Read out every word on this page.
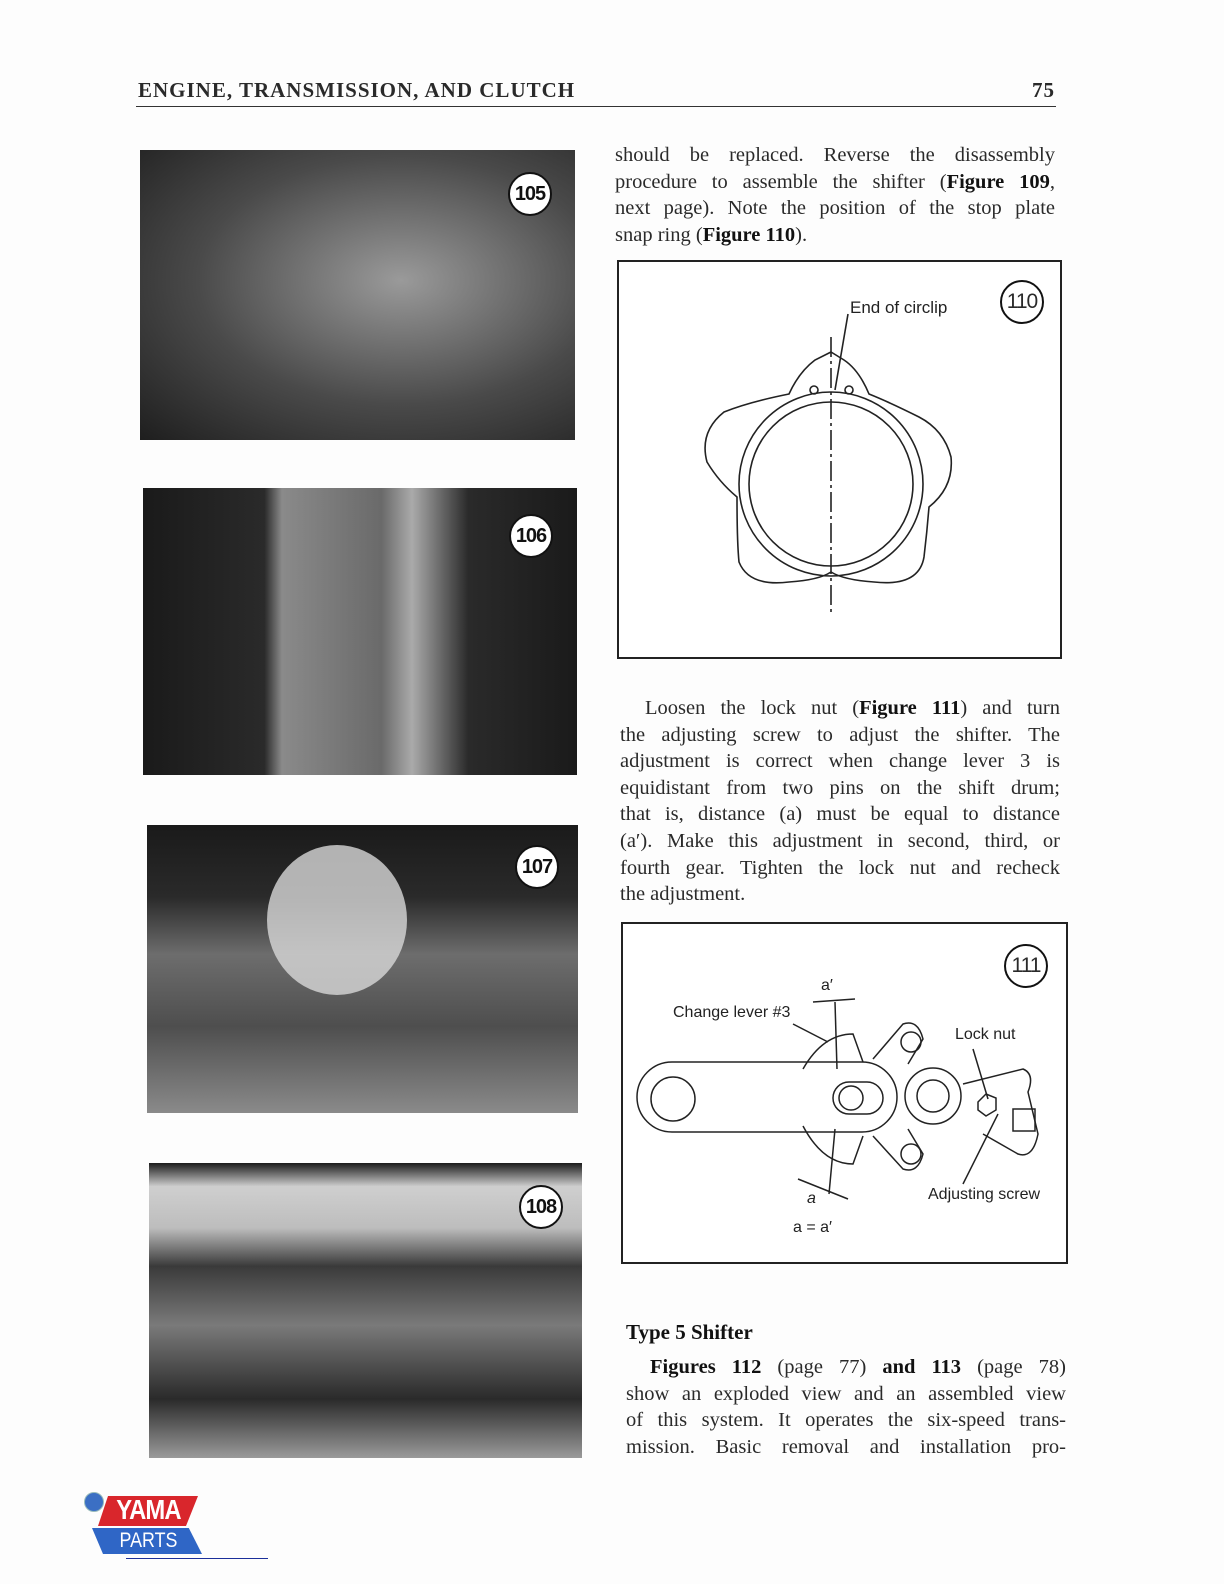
ENGINE, TRANSMISSION, AND CLUTCH	75
105
106
107
108
should be replaced. Reverse the disassembly
procedure to assemble the shifter (Figure 109,
next page). Note the position of the stop plate
snap ring (Figure 110).
110
End of circlip
Loosen the lock nut (Figure 111) and turn
the adjusting screw to adjust the shifter. The
adjustment is correct when change lever 3 is
equidistant from two pins on the shift drum;
that is, distance (a) must be equal to distance
(a′). Make this adjustment in second, third, or
fourth gear. Tighten the lock nut and recheck
the adjustment.
111
a′
Change lever #3
Lock nut
Adjusting screw
a
a = a′
Type 5 Shifter
Figures 112 (page 77) and 113 (page 78)
show an exploded view and an assembled view
of this system. It operates the six-speed trans-
mission. Basic removal and installation pro-
YAMA
PARTS
